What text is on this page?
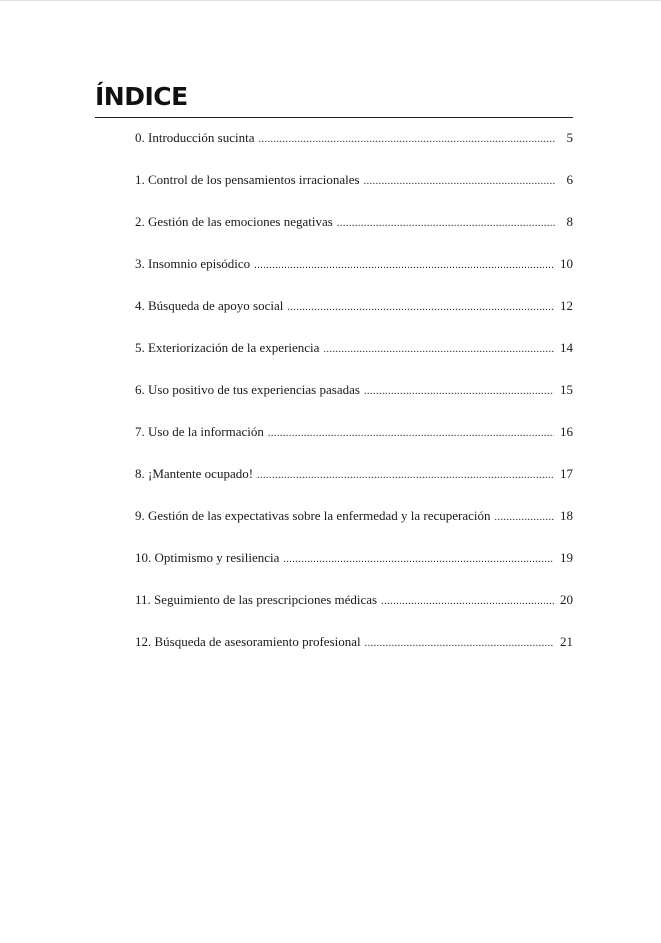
ÍNDICE
0. Introducción sucinta .....	5
1. Control de los pensamientos irracionales .....	6
2. Gestión de las emociones negativas .....	8
3. Insomnio episódico .....	10
4. Búsqueda de apoyo social .....	12
5. Exteriorización de la experiencia .....	14
6. Uso positivo de tus experiencias pasadas .....	15
7. Uso de la información .....	16
8. ¡Mantente ocupado! .....	17
9. Gestión de las expectativas sobre la enfermedad y la recuperación .....	18
10. Optimismo y resiliencia .....	19
11. Seguimiento de las prescripciones médicas .....	20
12. Búsqueda de asesoramiento profesional .....	21
